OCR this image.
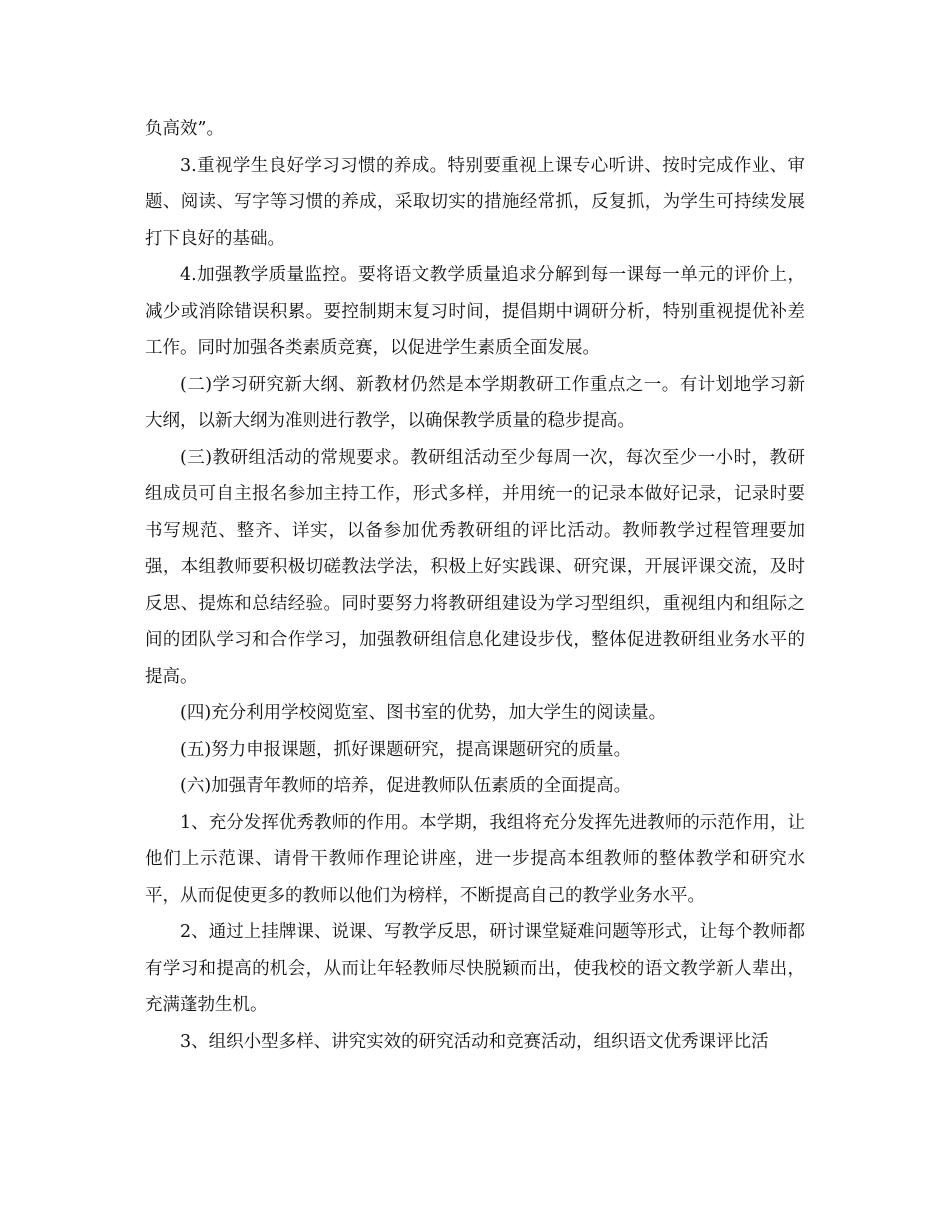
负高效”。

3.重视学生良好学习习惯的养成。特别要重视上课专心听讲、按时完成作业、审题、阅读、写字等习惯的养成，采取切实的措施经常抓，反复抓，为学生可持续发展打下良好的基础。

4.加强教学质量监控。要将语文教学质量追求分解到每一课每一单元的评价上，减少或消除错误积累。要控制期末复习时间，提倡期中调研分析，特别重视提优补差工作。同时加强各类素质竞赛，以促进学生素质全面发展。

(二)学习研究新大纲、新教材仍然是本学期教研工作重点之一。有计划地学习新大纲，以新大纲为准则进行教学，以确保教学质量的稳步提高。

(三)教研组活动的常规要求。教研组活动至少每周一次，每次至少一小时，教研组成员可自主报名参加主持工作，形式多样，并用统一的记录本做好记录，记录时要书写规范、整齐、详实，以备参加优秀教研组的评比活动。教师教学过程管理要加强，本组教师要积极切磋教法学法，积极上好实践课、研究课，开展评课交流，及时反思、提炼和总结经验。同时要努力将教研组建设为学习型组织，重视组内和组际之间的团队学习和合作学习，加强教研组信息化建设步伐，整体促进教研组业务水平的提高。

(四)充分利用学校阅览室、图书室的优势，加大学生的阅读量。

(五)努力申报课题，抓好课题研究，提高课题研究的质量。

(六)加强青年教师的培养，促进教师队伍素质的全面提高。

1、充分发挥优秀教师的作用。本学期，我组将充分发挥先进教师的示范作用，让他们上示范课、请骨干教师作理论讲座，进一步提高本组教师的整体教学和研究水平，从而促使更多的教师以他们为榜样，不断提高自己的教学业务水平。

2、通过上挂牌课、说课、写教学反思，研讨课堂疑难问题等形式，让每个教师都有学习和提高的机会，从而让年轻教师尽快脱颖而出，使我校的语文教学新人辈出，充满蓬勃生机。

3、组织小型多样、讲究实效的研究活动和竞赛活动，组织语文优秀课评比活
